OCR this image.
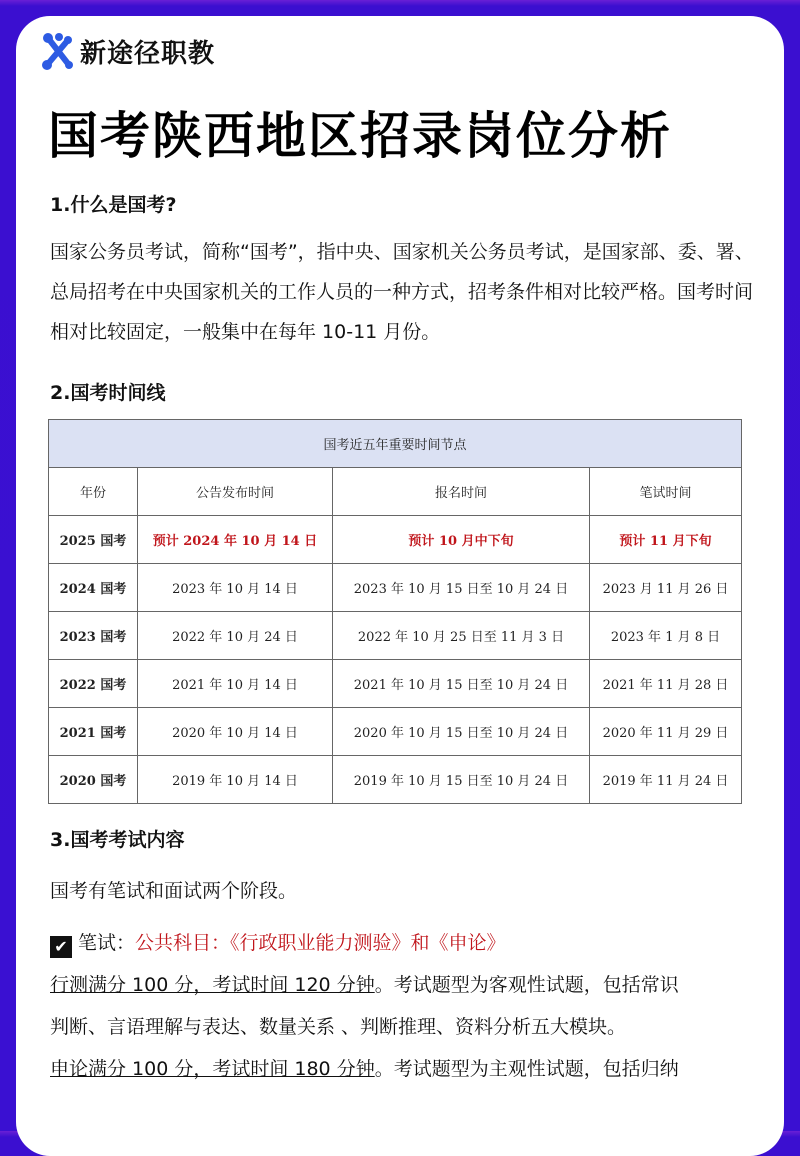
新途径职教
国考陕西地区招录岗位分析
1.什么是国考?
国家公务员考试，简称“国考”，指中央、国家机关公务员考试，是国家部、委、署、总局招考在中央国家机关的工作人员的一种方式，招考条件相对比较严格。国考时间相对比较固定，一般集中在每年 10-11 月份。
2.国考时间线
国考近五年重要时间节点			
年份	公告发布时间	报名时间	笔试时间
2025 国考	预计 2024 年 10 月 14 日	预计 10 月中下旬	预计 11 月下旬
2024 国考	2023 年 10 月 14 日	2023 年 10 月 15 日至 10 月 24 日	2023 月 11 月 26 日
2023 国考	2022 年 10 月 24 日	2022 年 10 月 25 日至 11 月 3 日	2023 年 1 月 8 日
2022 国考	2021 年 10 月 14 日	2021 年 10 月 15 日至 10 月 24 日	2021 年 11 月 28 日
2021 国考	2020 年 10 月 14 日	2020 年 10 月 15 日至 10 月 24 日	2020 年 11 月 29 日
2020 国考	2019 年 10 月 14 日	2019 年 10 月 15 日至 10 月 24 日	2019 年 11 月 24 日
3.国考考试内容
国考有笔试和面试两个阶段。
✔ 笔试：公共科目：《行政职业能力测验》和《申论》
行测满分 100 分，考试时间 120 分钟。考试题型为客观性试题，包括常识
判断、言语理解与表达、数量关系 、判断推理、资料分析五大模块。
申论满分 100 分，考试时间 180 分钟。考试题型为主观性试题，包括归纳
